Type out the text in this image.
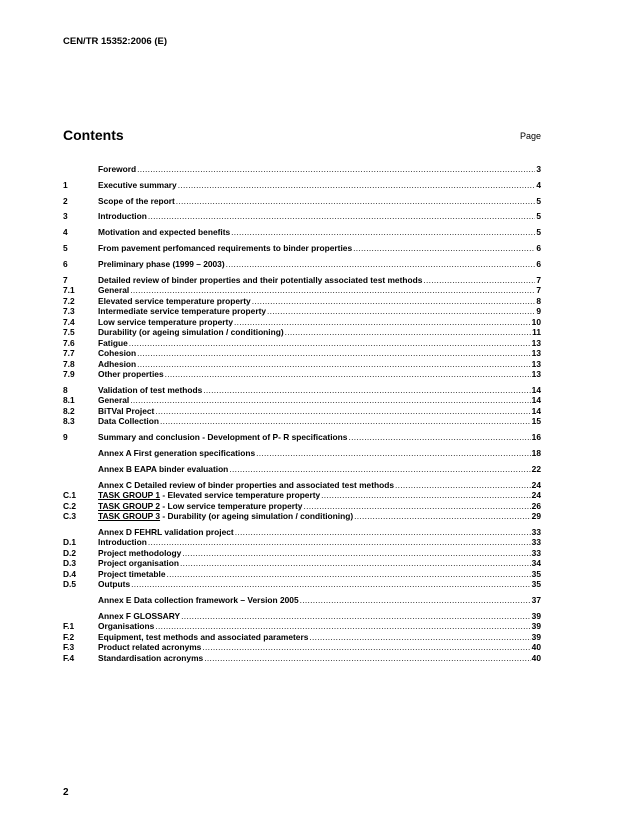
CEN/TR 15352:2006 (E)
Contents	Page
Foreword .....	3
1	Executive summary .....	4
2	Scope of the report .....	5
3	Introduction .....	5
4	Motivation and expected benefits .....	5
5	From pavement perfomanced requirements to binder properties .....	6
6	Preliminary phase (1999 – 2003) .....	6
7	Detailed review of binder properties and their potentially associated test methods .....	7
7.1	General .....	7
7.2	Elevated service temperature property .....	8
7.3	Intermediate service temperature property .....	9
7.4	Low service temperature property .....	10
7.5	Durability (or ageing simulation / conditioning) .....	11
7.6	Fatigue .....	13
7.7	Cohesion .....	13
7.8	Adhesion .....	13
7.9	Other properties .....	13
8	Validation of test methods .....	14
8.1	General .....	14
8.2	BiTVal Project .....	14
8.3	Data Collection .....	15
9	Summary and conclusion - Development of P- R specifications .....	16
Annex A First generation specifications .....	18
Annex B EAPA binder evaluation .....	22
Annex C Detailed review of binder properties and associated test methods .....	24
C.1	TASK GROUP 1 - Elevated service temperature property .....	24
C.2	TASK GROUP 2 - Low service temperature property .....	26
C.3	TASK GROUP 3 - Durability (or ageing simulation / conditioning) .....	29
Annex D FEHRL validation project .....	33
D.1	Introduction .....	33
D.2	Project methodology .....	33
D.3	Project organisation .....	34
D.4	Project timetable .....	35
D.5	Outputs .....	35
Annex E Data collection framework – Version 2005 .....	37
Annex F GLOSSARY .....	39
F.1	Organisations .....	39
F.2	Equipment, test methods and associated parameters .....	39
F.3	Product related acronyms .....	40
F.4	Standardisation acronyms .....	40
2
